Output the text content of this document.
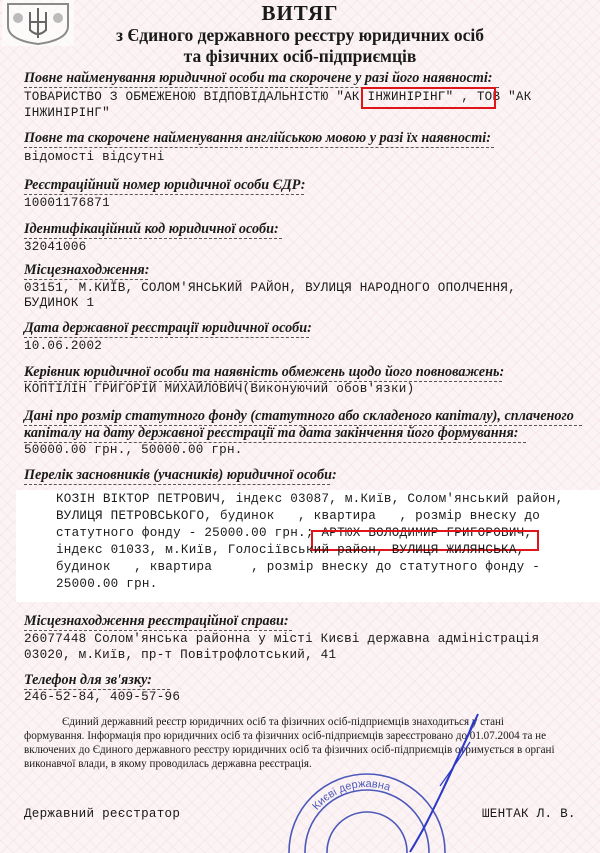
ВИТЯГ
з Єдиного державного реєстру юридичних осіб
та фізичних осіб-підприємців
Повне найменування юридичної особи та скорочене у разі його наявності:
ТОВАРИСТВО З ОБМЕЖЕНОЮ ВІДПОВІДАЛЬНІСТЮ "АК ІНЖИНІРІНГ" , ТОВ "АК
ІНЖИНІРІНГ"
Повне та скорочене найменування англійською мовою у разі їх наявності:
відомості відсутні
Реєстраційний номер юридичної особи ЄДР:
10001176871
Ідентифікаційний код юридичної особи:
32041006
Місцезнаходження:
03151, М.КИЇВ, СОЛОМ'ЯНСЬКИЙ РАЙОН, ВУЛИЦЯ НАРОДНОГО ОПОЛЧЕННЯ,
БУДИНОК 1
Дата державної реєстрації юридичної особи:
10.06.2002
Керівник юридичної особи та наявність обмежень щодо його повноважень:
КОПТІЛІН ГРИГОРІЙ МИХАЙЛОВИЧ(Виконуючий обов'язки)
Дані про розмір статутного фонду (статутного або складеного капіталу), сплаченого
капіталу на дату державної реєстрації та дата закінчення його формування:
50000.00 грн., 50000.00 грн.
Перелік засновників (учасників) юридичної особи:
КОЗІН ВІКТОР ПЕТРОВИЧ, індекс 03087, м.Київ, Солом'янський район,
ВУЛИЦЯ ПЕТРОВСЬКОГО, будинок   , квартира   , розмір внеску до
статутного фонду - 25000.00 грн.; АРТЮХ ВОЛОДИМИР ГРИГОРОВИЧ,
індекс 01033, м.Київ, Голосіївський район, ВУЛИЦЯ ЖИЛЯНСЬКА,
будинок   , квартира     , розмір внеску до статутного фонду -
25000.00 грн.
Місцезнаходження реєстраційної справи:
26077448 Солом'янська районна у місті Києві державна адміністрація
03020, м.Київ, пр-т Повітрофлотський, 41
Телефон для зв'язку:
246-52-84, 409-57-96
Єдиний державний реєстр юридичних осіб та фізичних осіб-підприємців знаходиться у стані
формування. Інформація про юридичних осіб та фізичних осіб-підприємців зареєстровано до 01.07.2004 та не
включених до Єдиного державного реєстру юридичних осіб та фізичних осіб-підприємців отримується в органі
виконавчої влади, в якому проводилась державна реєстрація.
Києві державна
Державний реєстратор	ШЕНТАК Л. В.
